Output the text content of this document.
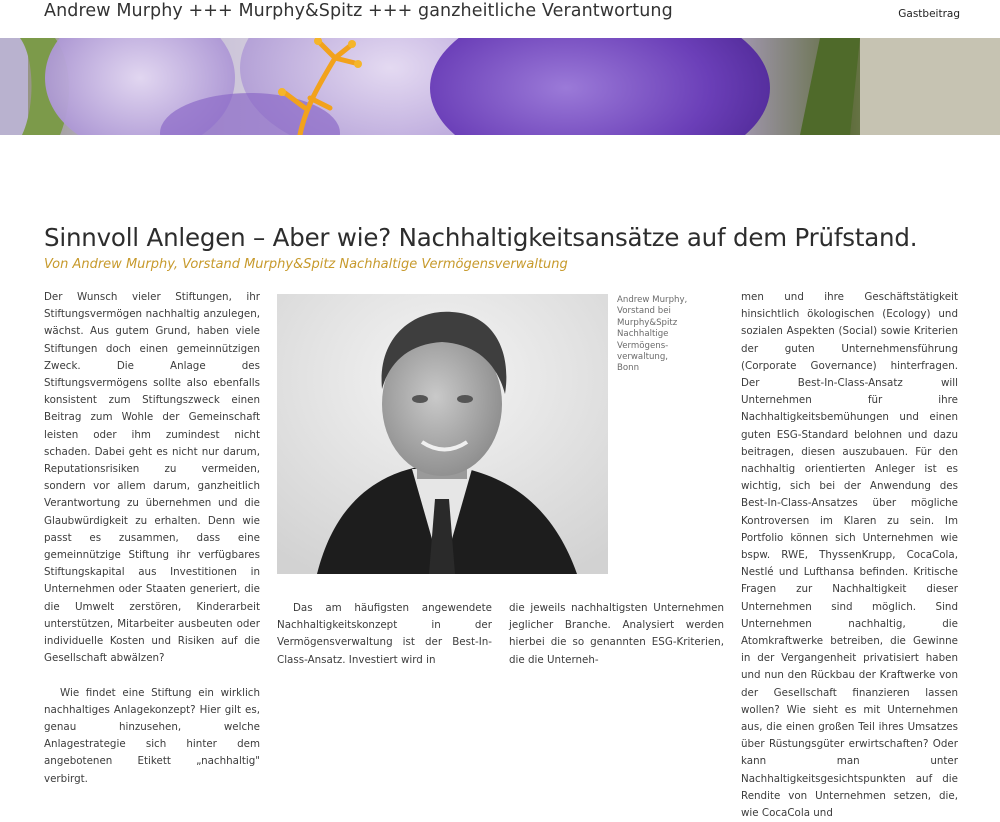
Andrew Murphy +++ Murphy&Spitz +++ ganzheitliche Verantwortung	Gastbeitrag
Sinnvoll Anlegen – Aber wie? Nachhaltigkeitsansätze auf dem Prüfstand.
Von Andrew Murphy, Vorstand Murphy&Spitz Nachhaltige Vermögensverwaltung

Der Wunsch vieler Stiftungen, ihr Stiftungsvermögen nachhaltig anzulegen, wächst. Aus gutem Grund, haben viele Stiftungen doch einen gemeinnützigen Zweck. Die Anlage des Stiftungsvermögens sollte also ebenfalls konsistent zum Stiftungszweck einen Beitrag zum Wohle der Gemeinschaft leisten oder ihm zumindest nicht schaden. Dabei geht es nicht nur darum, Reputationsrisiken zu vermeiden, sondern vor allem darum, ganzheitlich Verantwortung zu übernehmen und die Glaubwürdigkeit zu erhalten. Denn wie passt es zusammen, dass eine gemeinnützige Stiftung ihr verfügbares Stiftungskapital aus Investitionen in Unternehmen oder Staaten generiert, die die Umwelt zerstören, Kinderarbeit unterstützen, Mitarbeiter ausbeuten oder individuelle Kosten und Risiken auf die Gesellschaft abwälzen?

Wie findet eine Stiftung ein wirklich nachhaltiges Anlagekonzept? Hier gilt es, genau hinzusehen, welche Anlagestrategie sich hinter dem angebotenen Etikett „nachhaltig" verbirgt.

Andrew Murphy,
Vorstand bei
Murphy&Spitz
Nachhaltige
Vermögens-
verwaltung,
Bonn
Das am häufigsten angewendete Nachhaltigkeitskonzept in der Vermögensverwaltung ist der Best-In-Class-Ansatz. Investiert wird in
die jeweils nachhaltigsten Unternehmen jeglicher Branche. Analysiert werden hierbei die so genannten ESG-Kriterien, die die Unterneh-
men und ihre Geschäftstätigkeit hinsichtlich ökologischen (Ecology) und sozialen Aspekten (Social) sowie Kriterien der guten Unternehmensführung (Corporate Governance) hinterfragen. Der Best-In-Class-Ansatz will Unternehmen für ihre Nachhaltigkeitsbemühungen und einen guten ESG-Standard belohnen und dazu beitragen, diesen auszubauen. Für den nachhaltig orientierten Anleger ist es wichtig, sich bei der Anwendung des Best-In-Class-Ansatzes über mögliche Kontroversen im Klaren zu sein. Im Portfolio können sich Unternehmen wie bspw. RWE, ThyssenKrupp, CocaCola, Nestlé und Lufthansa befinden. Kritische Fragen zur Nachhaltigkeit dieser Unternehmen sind möglich. Sind Unternehmen nachhaltig, die Atomkraftwerke betreiben, die Gewinne in der Vergangenheit privatisiert haben und nun den Rückbau der Kraftwerke von der Gesellschaft finanzieren lassen wollen? Wie sieht es mit Unternehmen aus, die einen großen Teil ihres Umsatzes über Rüstungsgüter erwirtschaften? Oder kann man unter Nachhaltigkeitsgesichtspunkten auf die Rendite von Unternehmen setzen, die, wie CocaCola und
